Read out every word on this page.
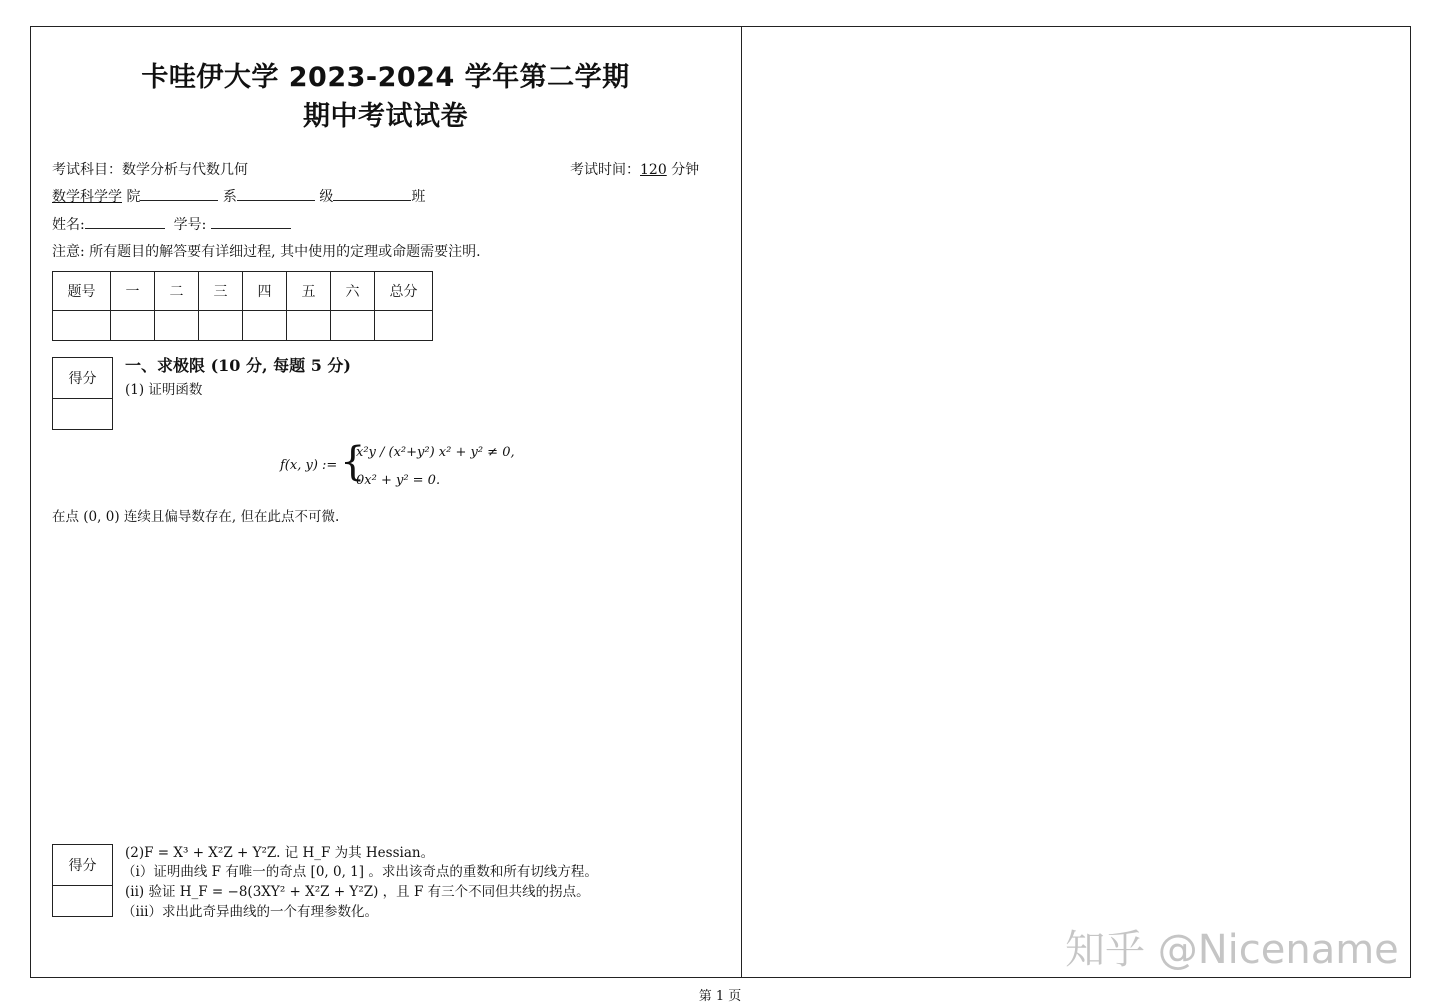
卡哇伊大学 2023-2024 学年第二学期
期中考试试卷
考试科目：数学分析与代数几何	考试时间：120 分钟
数学科学学 院	系	级	班
姓名:	学号:
注意: 所有题目的解答要有详细过程, 其中使用的定理或命题需要注明.
题号	一	二	三	四	五	六	总分

得分

一、求极限 (10 分, 每题 5 分)
(1) 证明函数
f(x, y) := {
x²y / (x²+y²) x² + y² ≠ 0,
0x² + y² = 0.
在点 (0, 0) 连续且偏导数存在, 但在此点不可微.
得分

(2)F = X³ + X²Z + Y²Z. 记 H_F 为其 Hessian。
（i）证明曲线 F 有唯一的奇点 [0, 0, 1] 。求出该奇点的重数和所有切线方程。
(ii) 验证 H_F = −8(3XY² + X²Z + Y²Z) ，且 F 有三个不同但共线的拐点。
（iii）求出此奇异曲线的一个有理参数化。
知乎 @Nicename
第 1 页
